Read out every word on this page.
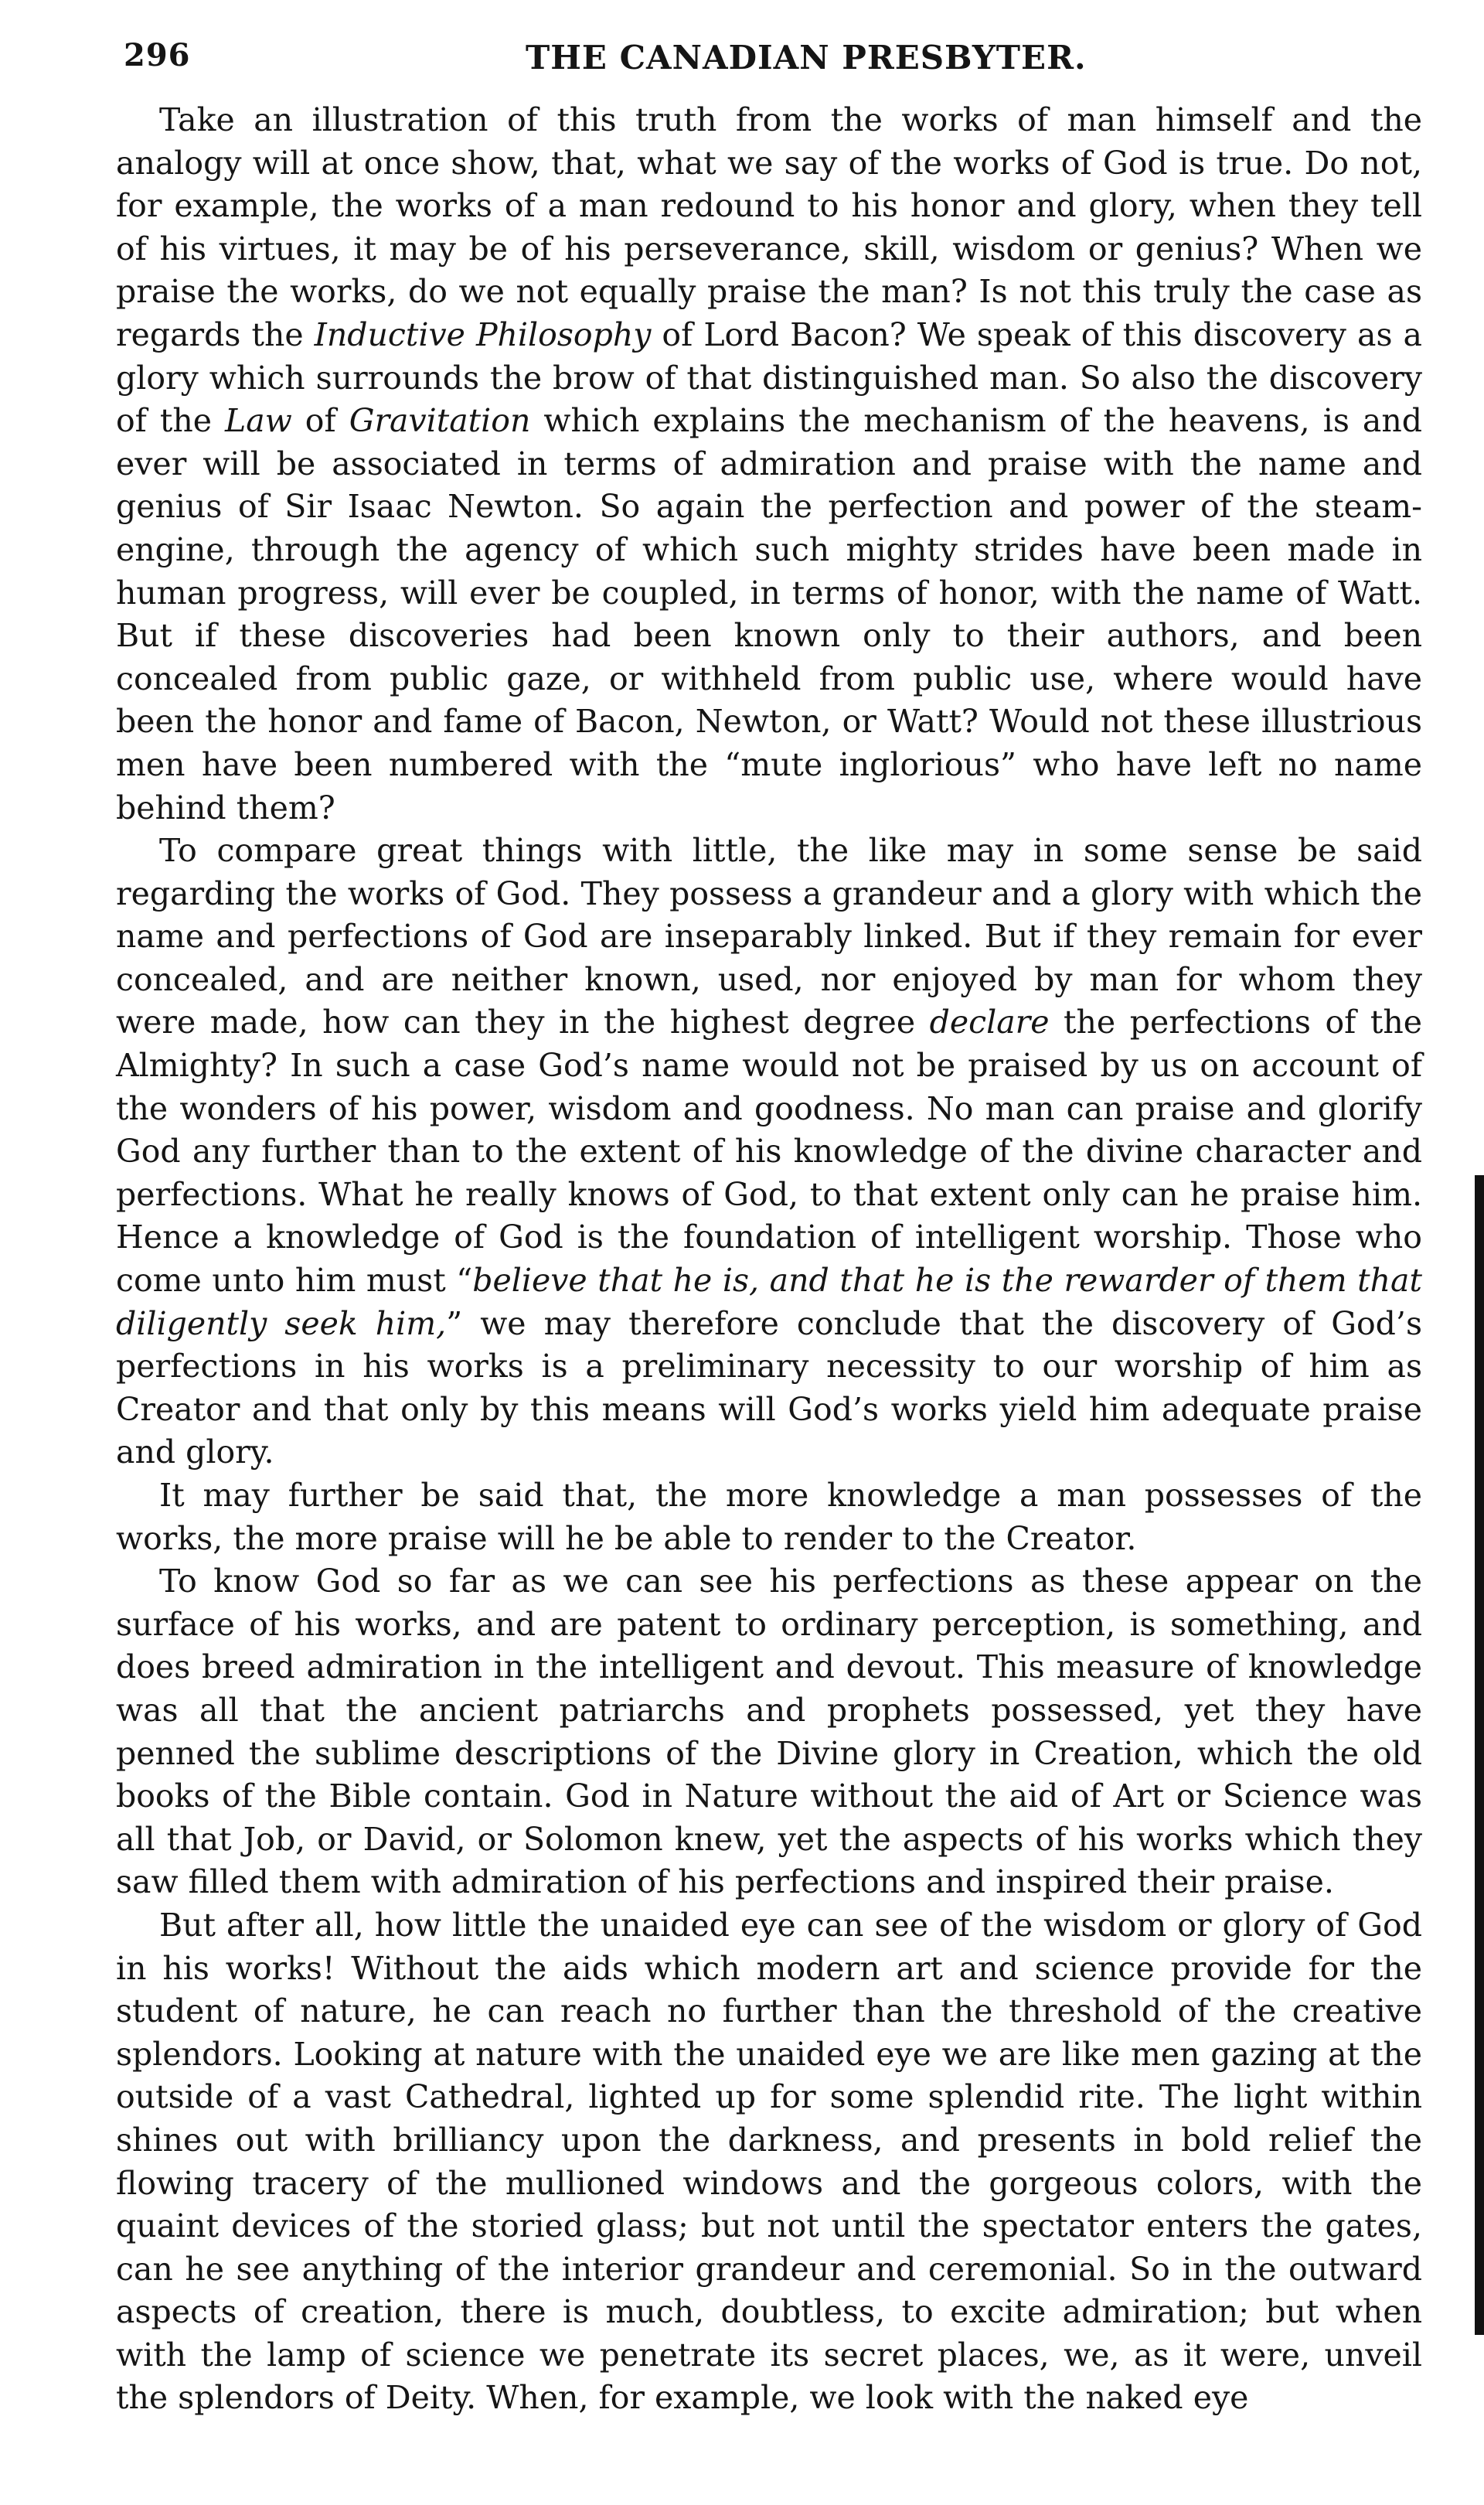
296	THE CANADIAN PRESBYTER.

Take an illustration of this truth from the works of man himself and the analogy will at once show, that, what we say of the works of God is true. Do not, for example, the works of a man redound to his honor and glory, when they tell of his virtues, it may be of his perseverance, skill, wisdom or genius? When we praise the works, do we not equally praise the man? Is not this truly the case as regards the Inductive Philosophy of Lord Bacon? We speak of this discovery as a glory which surrounds the brow of that distinguished man. So also the discovery of the Law of Gravitation which explains the mechanism of the heavens, is and ever will be associated in terms of admiration and praise with the name and genius of Sir Isaac Newton. So again the perfection and power of the steam-engine, through the agency of which such mighty strides have been made in human progress, will ever be coupled, in terms of honor, with the name of Watt. But if these discoveries had been known only to their authors, and been concealed from public gaze, or withheld from public use, where would have been the honor and fame of Bacon, Newton, or Watt? Would not these illustrious men have been numbered with the “mute inglorious” who have left no name behind them?

To compare great things with little, the like may in some sense be said regarding the works of God. They possess a grandeur and a glory with which the name and perfections of God are inseparably linked. But if they remain for ever concealed, and are neither known, used, nor enjoyed by man for whom they were made, how can they in the highest degree declare the perfections of the Almighty? In such a case God’s name would not be praised by us on account of the wonders of his power, wisdom and goodness. No man can praise and glorify God any further than to the extent of his knowledge of the divine character and perfections. What he really knows of God, to that extent only can he praise him. Hence a knowledge of God is the foundation of intelligent worship. Those who come unto him must “believe that he is, and that he is the rewarder of them that diligently seek him,” we may therefore conclude that the discovery of God’s perfections in his works is a preliminary necessity to our worship of him as Creator and that only by this means will God’s works yield him adequate praise and glory.

It may further be said that, the more knowledge a man possesses of the works, the more praise will he be able to render to the Creator.

To know God so far as we can see his perfections as these appear on the surface of his works, and are patent to ordinary perception, is something, and does breed admiration in the intelligent and devout. This measure of knowledge was all that the ancient patriarchs and prophets possessed, yet they have penned the sublime descriptions of the Divine glory in Creation, which the old books of the Bible contain. God in Nature without the aid of Art or Science was all that Job, or David, or Solomon knew, yet the aspects of his works which they saw filled them with admiration of his perfections and inspired their praise.

But after all, how little the unaided eye can see of the wisdom or glory of God in his works! Without the aids which modern art and science provide for the student of nature, he can reach no further than the threshold of the creative splendors. Looking at nature with the unaided eye we are like men gazing at the outside of a vast Cathedral, lighted up for some splendid rite. The light within shines out with brilliancy upon the darkness, and presents in bold relief the flowing tracery of the mullioned windows and the gorgeous colors, with the quaint devices of the storied glass; but not until the spectator enters the gates, can he see anything of the interior grandeur and ceremonial. So in the outward aspects of creation, there is much, doubtless, to excite admiration; but when with the lamp of science we penetrate its secret places, we, as it were, unveil the splendors of Deity. When, for example, we look with the naked eye
